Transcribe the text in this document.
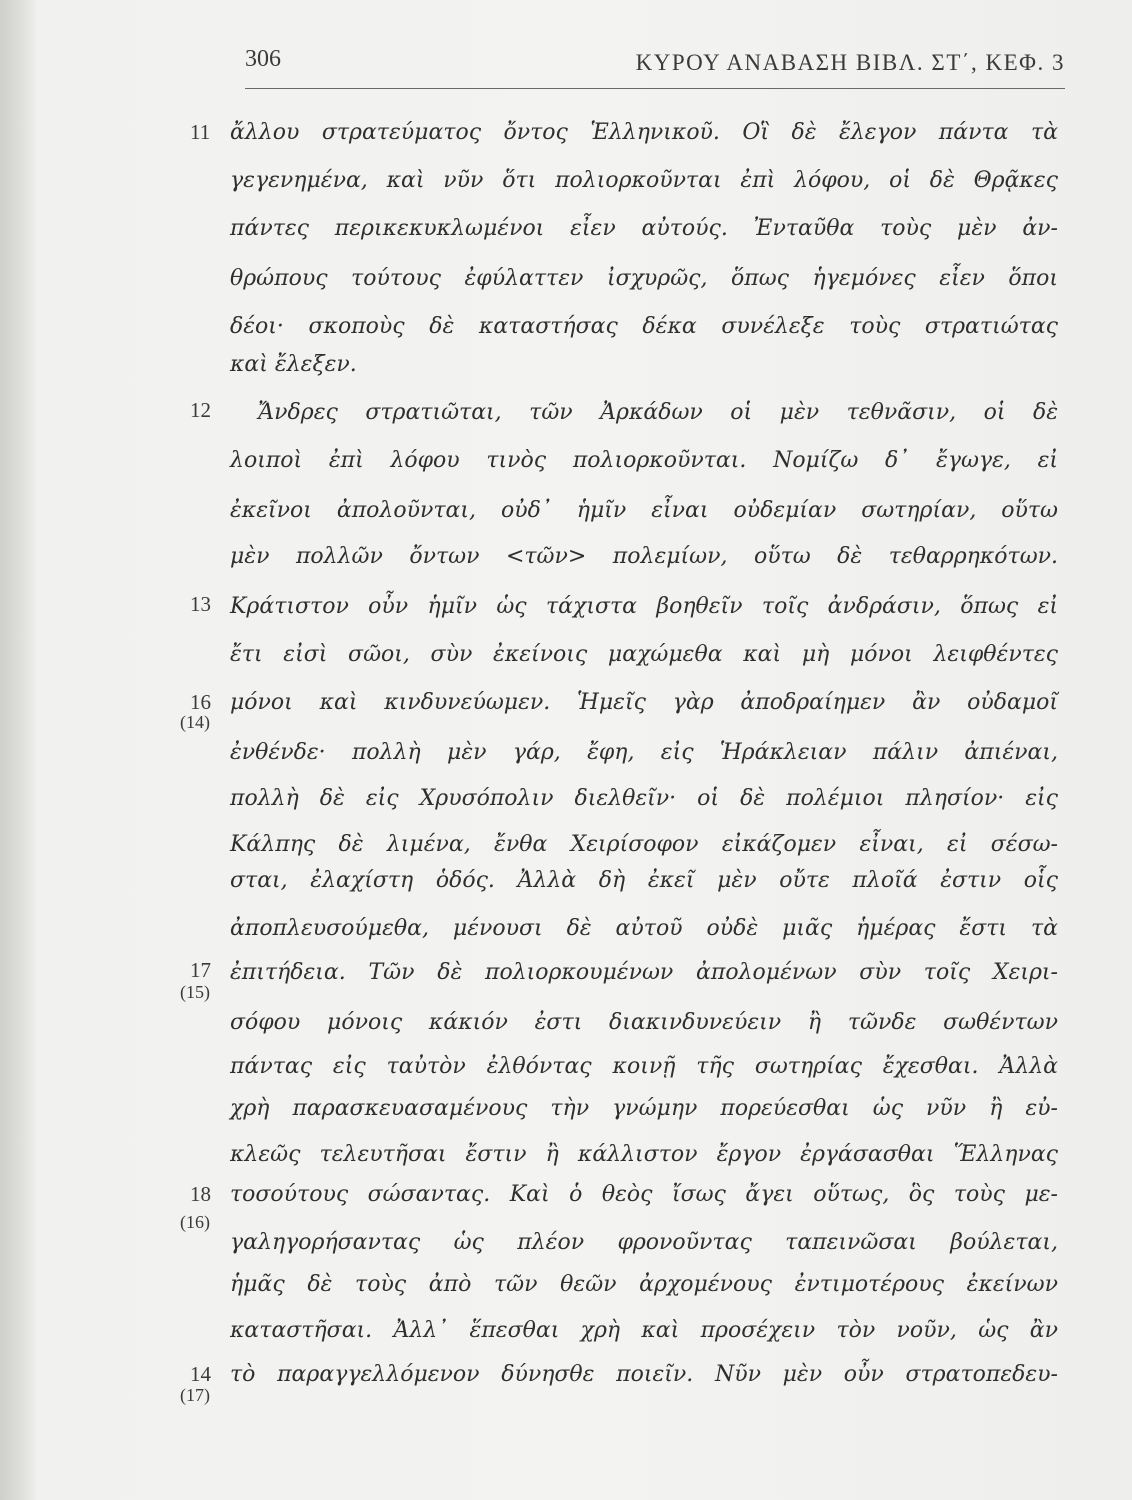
306	ΚΥΡΟΥ ΑΝΑΒΑΣΗ ΒΙΒΛ. ΣΤ΄, ΚΕΦ. 3
11
12
13
16
(14)
17
(15)
18
(16)
14
(17)
ἄλλου στρατεύματος ὄντος Ἑλληνικοῦ. Οἳ δὲ ἔλεγον πάντα τὰ
γεγενημένα, καὶ νῦν ὅτι πολιορκοῦνται ἐπὶ λόφου, οἱ δὲ Θρᾷκες
πάντες περικεκυκλωμένοι εἶεν αὐτούς. Ἐνταῦθα τοὺς μὲν ἀν-
θρώπους τούτους ἐφύλαττεν ἰσχυρῶς, ὅπως ἡγεμόνες εἶεν ὅποι
δέοι· σκοποὺς δὲ καταστήσας δέκα συνέλεξε τοὺς στρατιώτας
καὶ ἔλεξεν.
Ἄνδρες στρατιῶται, τῶν Ἀρκάδων οἱ μὲν τεθνᾶσιν, οἱ δὲ
λοιποὶ ἐπὶ λόφου τινὸς πολιορκοῦνται. Νομίζω δ᾽ ἔγωγε, εἰ
ἐκεῖνοι ἀπολοῦνται, οὐδ᾽ ἡμῖν εἶναι οὐδεμίαν σωτηρίαν, οὕτω
μὲν πολλῶν ὄντων <τῶν> πολεμίων, οὕτω δὲ τεθαρρηκότων.
Κράτιστον οὖν ἡμῖν ὡς τάχιστα βοηθεῖν τοῖς ἀνδράσιν, ὅπως εἰ
ἔτι εἰσὶ σῶοι, σὺν ἐκείνοις μαχώμεθα καὶ μὴ μόνοι λειφθέντες
μόνοι καὶ κινδυνεύωμεν. Ἡμεῖς γὰρ ἀποδραίημεν ἂν οὐδαμοῖ
ἐνθένδε· πολλὴ μὲν γάρ, ἔφη, εἰς Ἡράκλειαν πάλιν ἀπιέναι,
πολλὴ δὲ εἰς Χρυσόπολιν διελθεῖν· οἱ δὲ πολέμιοι πλησίον· εἰς
Κάλπης δὲ λιμένα, ἔνθα Χειρίσοφον εἰκάζομεν εἶναι, εἰ σέσω-
σται, ἐλαχίστη ὁδός. Ἀλλὰ δὴ ἐκεῖ μὲν οὔτε πλοῖά ἐστιν οἷς
ἀποπλευσούμεθα, μένουσι δὲ αὐτοῦ οὐδὲ μιᾶς ἡμέρας ἔστι τὰ
ἐπιτήδεια. Τῶν δὲ πολιορκουμένων ἀπολομένων σὺν τοῖς Χειρι-
σόφου μόνοις κάκιόν ἐστι διακινδυνεύειν ἢ τῶνδε σωθέντων
πάντας εἰς ταὐτὸν ἐλθόντας κοινῇ τῆς σωτηρίας ἔχεσθαι. Ἀλλὰ
χρὴ παρασκευασαμένους τὴν γνώμην πορεύεσθαι ὡς νῦν ἢ εὐ-
κλεῶς τελευτῆσαι ἔστιν ἢ κάλλιστον ἔργον ἐργάσασθαι Ἕλληνας
τοσούτους σώσαντας. Καὶ ὁ θεὸς ἴσως ἄγει οὕτως, ὃς τοὺς με-
γαληγορήσαντας ὡς πλέον φρονοῦντας ταπεινῶσαι βούλεται,
ἡμᾶς δὲ τοὺς ἀπὸ τῶν θεῶν ἀρχομένους ἐντιμοτέρους ἐκείνων
καταστῆσαι. Ἀλλ᾽ ἕπεσθαι χρὴ καὶ προσέχειν τὸν νοῦν, ὡς ἂν
τὸ παραγγελλόμενον δύνησθε ποιεῖν. Νῦν μὲν οὖν στρατοπεδευ-
